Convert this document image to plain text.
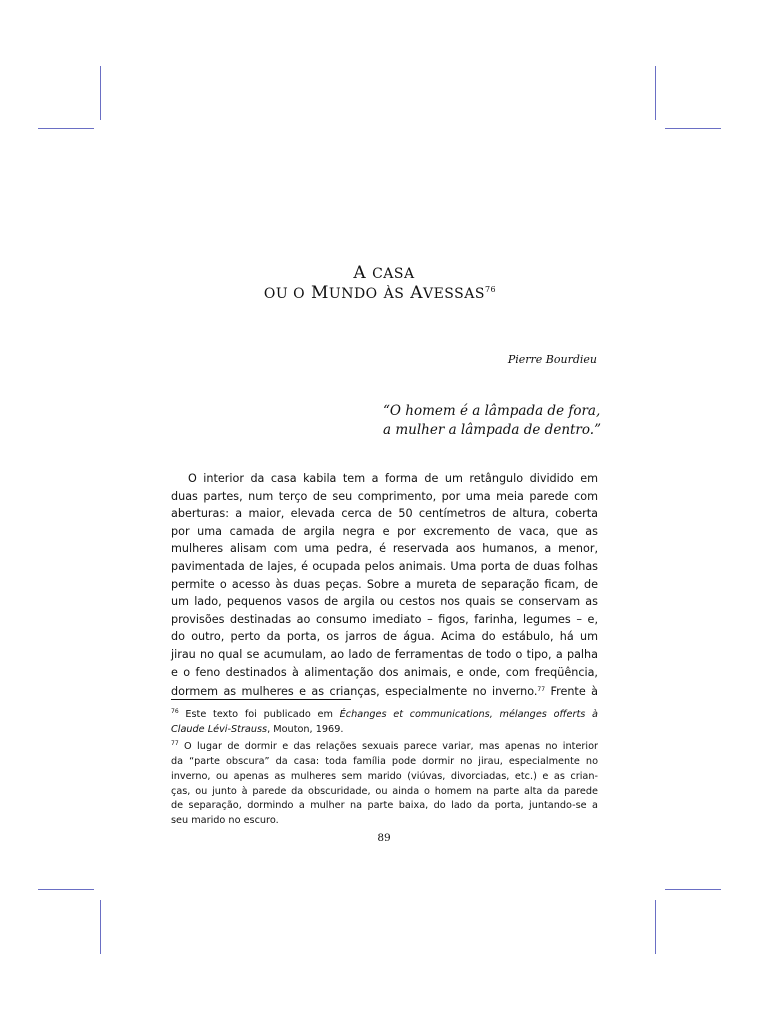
A CASA
OU O MUNDO ÀS AVESSAS$^{76}$
Pierre Bourdieu
“O homem é a lâmpada de fora,
a mulher a lâmpada de dentro.”
O interior da casa kabila tem a forma de um retângulo dividido em
duas partes, num terço de seu comprimento, por uma meia parede com
aberturas: a maior, elevada cerca de 50 centímetros de altura, coberta
por uma camada de argila negra e por excremento de vaca, que as
mulheres alisam com uma pedra, é reservada aos humanos, a menor,
pavimentada de lajes, é ocupada pelos animais. Uma porta de duas folhas
permite o acesso às duas peças. Sobre a mureta de separação ficam, de
um lado, pequenos vasos de argila ou cestos nos quais se conservam as
provisões destinadas ao consumo imediato – figos, farinha, legumes – e,
do outro, perto da porta, os jarros de água. Acima do estábulo, há um
jirau no qual se acumulam, ao lado de ferramentas de todo o tipo, a palha
e o feno destinados à alimentação dos animais, e onde, com freqüência,
dormem as mulheres e as crianças, especialmente no inverno.$^{77}$ Frente à
$^{76}$ Este texto foi publicado em Échanges et communications, mélanges offerts à
Claude Lévi-Strauss, Mouton, 1969.
$^{77}$ O lugar de dormir e das relações sexuais parece variar, mas apenas no interior
da “parte obscura” da casa: toda família pode dormir no jirau, especialmente no
inverno, ou apenas as mulheres sem marido (viúvas, divorciadas, etc.) e as crian-
ças, ou junto à parede da obscuridade, ou ainda o homem na parte alta da parede
de separação, dormindo a mulher na parte baixa, do lado da porta, juntando-se a
seu marido no escuro.
89
